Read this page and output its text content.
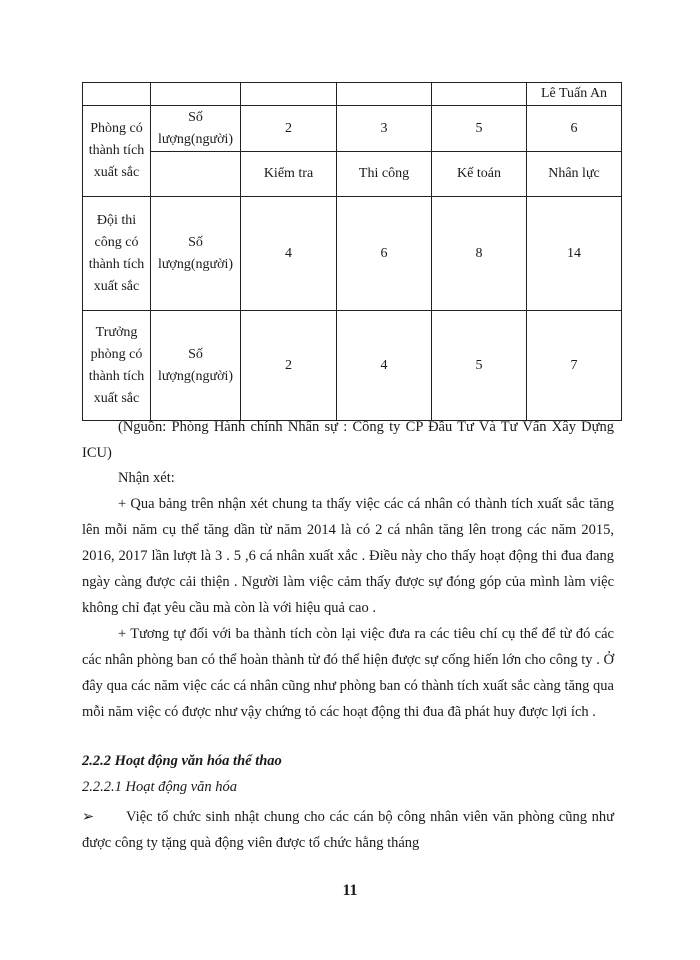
					Lê Tuấn An
Phòng có thành tích xuất sắc	Số lượng(người)	2	3	5	6
		Kiểm tra	Thi công	Kế toán	Nhân lực
Đội thi công có thành tích xuất sắc	Số lượng(người)	4	6	8	14
Trưởng phòng có thành tích xuất sắc	Số lượng(người)	2	4	5	7
(Nguồn: Phòng Hành chính Nhân sự : Công ty CP Đầu Tư Và Tư Vấn Xây Dựng ICU)
Nhận xét:
+ Qua bảng trên nhận xét chung ta thấy việc các cá nhân có thành tích xuất sắc tăng lên mỗi năm cụ thể tăng dần từ năm 2014 là có 2 cá nhân tăng lên trong các năm 2015, 2016, 2017 lần lượt là 3 . 5 ,6 cá nhân xuất xắc . Điều này cho thấy hoạt động thi đua đang ngày càng được cải thiện . Người làm việc cảm thấy được sự đóng góp của mình làm việc không chỉ đạt yêu cầu mà còn là với hiệu quả cao .
+ Tương tự đối với ba thành tích còn lại việc đưa ra các tiêu chí cụ thể để từ đó các các nhân phòng ban có thể hoàn thành từ đó thể hiện được sự cống hiến lớn cho công ty . Ở đây qua các năm việc các cá nhân cũng như phòng ban có thành tích xuất sắc càng tăng qua mỗi năm việc có được như vậy chứng tỏ các hoạt động thi đua đã phát huy được lợi ích .
2.2.2 Hoạt động văn hóa thể thao
2.2.2.1 Hoạt động văn hóa
➢ Việc tổ chức sinh nhật chung cho các cán bộ công nhân viên văn phòng cũng như được công ty tặng quà động viên được tổ chức hằng tháng
11
